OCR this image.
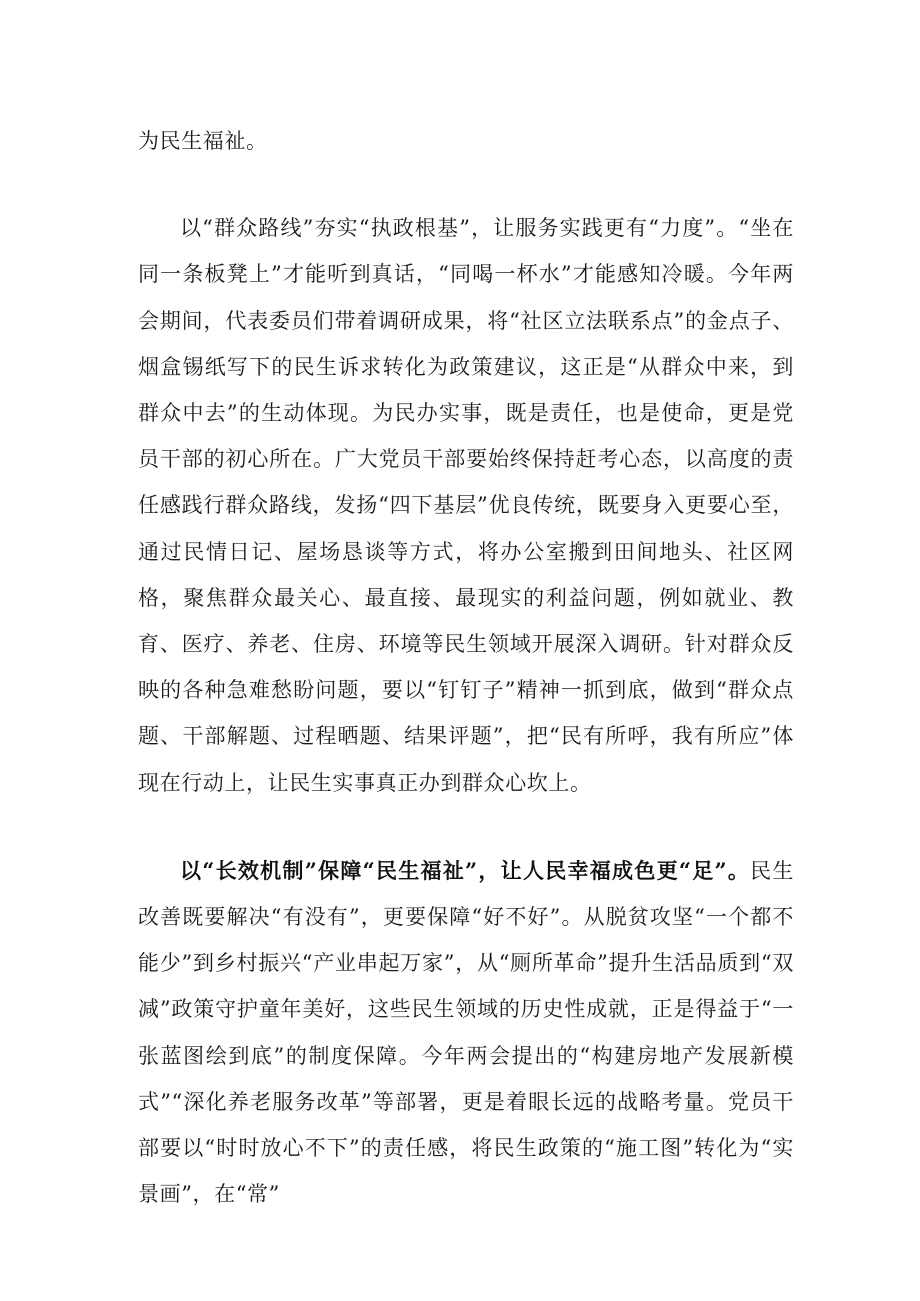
为民生福祉。

以“群众路线”夯实“执政根基”，让服务实践更有“力度”。“坐在同一条板凳上”才能听到真话，“同喝一杯水”才能感知冷暖。今年两会期间，代表委员们带着调研成果，将“社区立法联系点”的金点子、烟盒锡纸写下的民生诉求转化为政策建议，这正是“从群众中来，到群众中去”的生动体现。为民办实事，既是责任，也是使命，更是党员干部的初心所在。广大党员干部要始终保持赶考心态，以高度的责任感践行群众路线，发扬“四下基层”优良传统，既要身入更要心至，通过民情日记、屋场恳谈等方式，将办公室搬到田间地头、社区网格，聚焦群众最关心、最直接、最现实的利益问题，例如就业、教育、医疗、养老、住房、环境等民生领域开展深入调研。针对群众反映的各种急难愁盼问题，要以“钉钉子”精神一抓到底，做到“群众点题、干部解题、过程晒题、结果评题”，把“民有所呼，我有所应”体现在行动上，让民生实事真正办到群众心坎上。

以“长效机制”保障“民生福祉”，让人民幸福成色更“足”。民生改善既要解决“有没有”，更要保障“好不好”。从脱贫攻坚“一个都不能少”到乡村振兴“产业串起万家”，从“厕所革命”提升生活品质到“双减”政策守护童年美好，这些民生领域的历史性成就，正是得益于“一张蓝图绘到底”的制度保障。今年两会提出的“构建房地产发展新模式”“深化养老服务改革”等部署，更是着眼长远的战略考量。党员干部要以“时时放心不下”的责任感，将民生政策的“施工图”转化为“实景画”，在“常”
